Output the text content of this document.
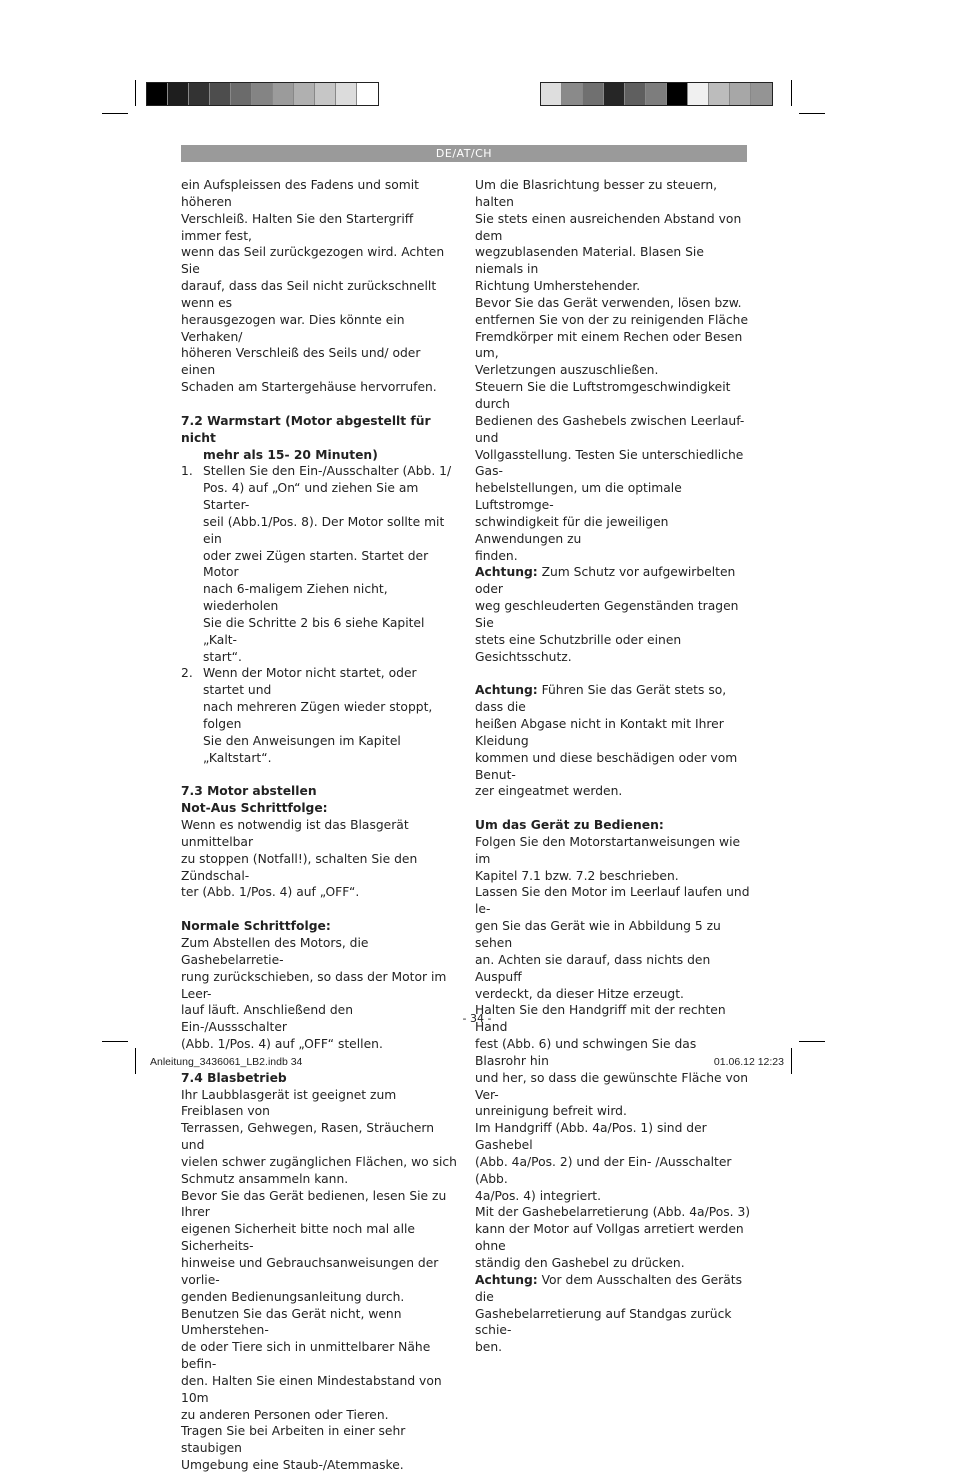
DE/AT/CH

ein Aufspleissen des Fadens und somit höheren

Verschleiß. Halten Sie den Startergriff immer fest,

wenn das Seil zurückgezogen wird. Achten Sie

darauf, dass das Seil nicht zurückschnellt wenn es

herausgezogen war. Dies könnte ein Verhaken/

höheren Verschleiß des Seils und/ oder einen

Schaden am Startergehäuse hervorrufen.

7.2 Warmstart (Motor abgestellt für nicht

mehr als 15- 20 Minuten)

1. Stellen Sie den Ein-/Ausschalter (Abb. 1/

Pos. 4) auf „On“ und ziehen Sie am Starter-

seil (Abb.1/Pos. 8). Der Motor sollte mit ein

oder zwei Zügen starten. Startet der Motor

nach 6-maligem Ziehen nicht, wiederholen

Sie die Schritte 2 bis 6 siehe Kapitel „Kalt-

start“.

2. Wenn der Motor nicht startet, oder startet und

nach mehreren Zügen wieder stoppt, folgen

Sie den Anweisungen im Kapitel „Kaltstart“.

7.3 Motor abstellen

Not-Aus Schrittfolge:

Wenn es notwendig ist das Blasgerät unmittelbar

zu stoppen (Notfall!), schalten Sie den Zündschal-

ter (Abb. 1/Pos. 4) auf „OFF“.

Normale Schrittfolge:

Zum Abstellen des Motors, die Gashebelarretie-

rung zurückschieben, so dass der Motor im Leer-

lauf läuft. Anschließend den Ein-/Aussschalter

(Abb. 1/Pos. 4) auf „OFF“ stellen.

7.4 Blasbetrieb

Ihr Laubblasgerät ist geeignet zum Freiblasen von

Terrassen, Gehwegen, Rasen, Sträuchern und

vielen schwer zugänglichen Flächen, wo sich

Schmutz ansammeln kann.

Bevor Sie das Gerät bedienen, lesen Sie zu Ihrer

eigenen Sicherheit bitte noch mal alle Sicherheits-

hinweise und Gebrauchsanweisungen der vorlie-

genden Bedienungsanleitung durch.

Benutzen Sie das Gerät nicht, wenn Umherstehen-

de oder Tiere sich in unmittelbarer Nähe befin-

den. Halten Sie einen Mindestabstand von 10m

zu anderen Personen oder Tieren.

Tragen Sie bei Arbeiten in einer sehr staubigen

Umgebung eine Staub-/Atemmaske.

Um die Blasrichtung besser zu steuern, halten

Sie stets einen ausreichenden Abstand von dem

wegzublasenden Material. Blasen Sie niemals in

Richtung Umherstehender.

Bevor Sie das Gerät verwenden, lösen bzw.

entfernen Sie von der zu reinigenden Fläche

Fremdkörper mit einem Rechen oder Besen um,

Verletzungen auszuschließen.

Steuern Sie die Luftstromgeschwindigkeit durch

Bedienen des Gashebels zwischen Leerlauf- und

Vollgasstellung. Testen Sie unterschiedliche Gas-

hebelstellungen, um die optimale Luftstromge-

schwindigkeit für die jeweiligen Anwendungen zu

finden.

Achtung: Zum Schutz vor aufgewirbelten oder

weg geschleuderten Gegenständen tragen Sie

stets eine Schutzbrille oder einen Gesichtsschutz.

Achtung: Führen Sie das Gerät stets so, dass die

heißen Abgase nicht in Kontakt mit Ihrer Kleidung

kommen und diese beschädigen oder vom Benut-

zer eingeatmet werden.

Um das Gerät zu Bedienen:

Folgen Sie den Motorstartanweisungen wie im

Kapitel 7.1 bzw. 7.2 beschrieben.

Lassen Sie den Motor im Leerlauf laufen und le-

gen Sie das Gerät wie in Abbildung 5 zu sehen

an. Achten sie darauf, dass nichts den Auspuff

verdeckt, da dieser Hitze erzeugt.

Halten Sie den Handgriff mit der rechten Hand

fest (Abb. 6) und schwingen Sie das Blasrohr hin

und her, so dass die gewünschte Fläche von Ver-

unreinigung befreit wird.

Im Handgriff (Abb. 4a/Pos. 1) sind der Gashebel

(Abb. 4a/Pos. 2) und der Ein- /Ausschalter (Abb.

4a/Pos. 4) integriert.

Mit der Gashebelarretierung (Abb. 4a/Pos. 3)

kann der Motor auf Vollgas arretiert werden ohne

ständig den Gashebel zu drücken.

Achtung: Vor dem Ausschalten des Geräts die

Gashebelarretierung auf Standgas zurück schie-

ben.

- 34 -
Anleitung_3436061_LB2.indb 34	01.06.12 12:23
